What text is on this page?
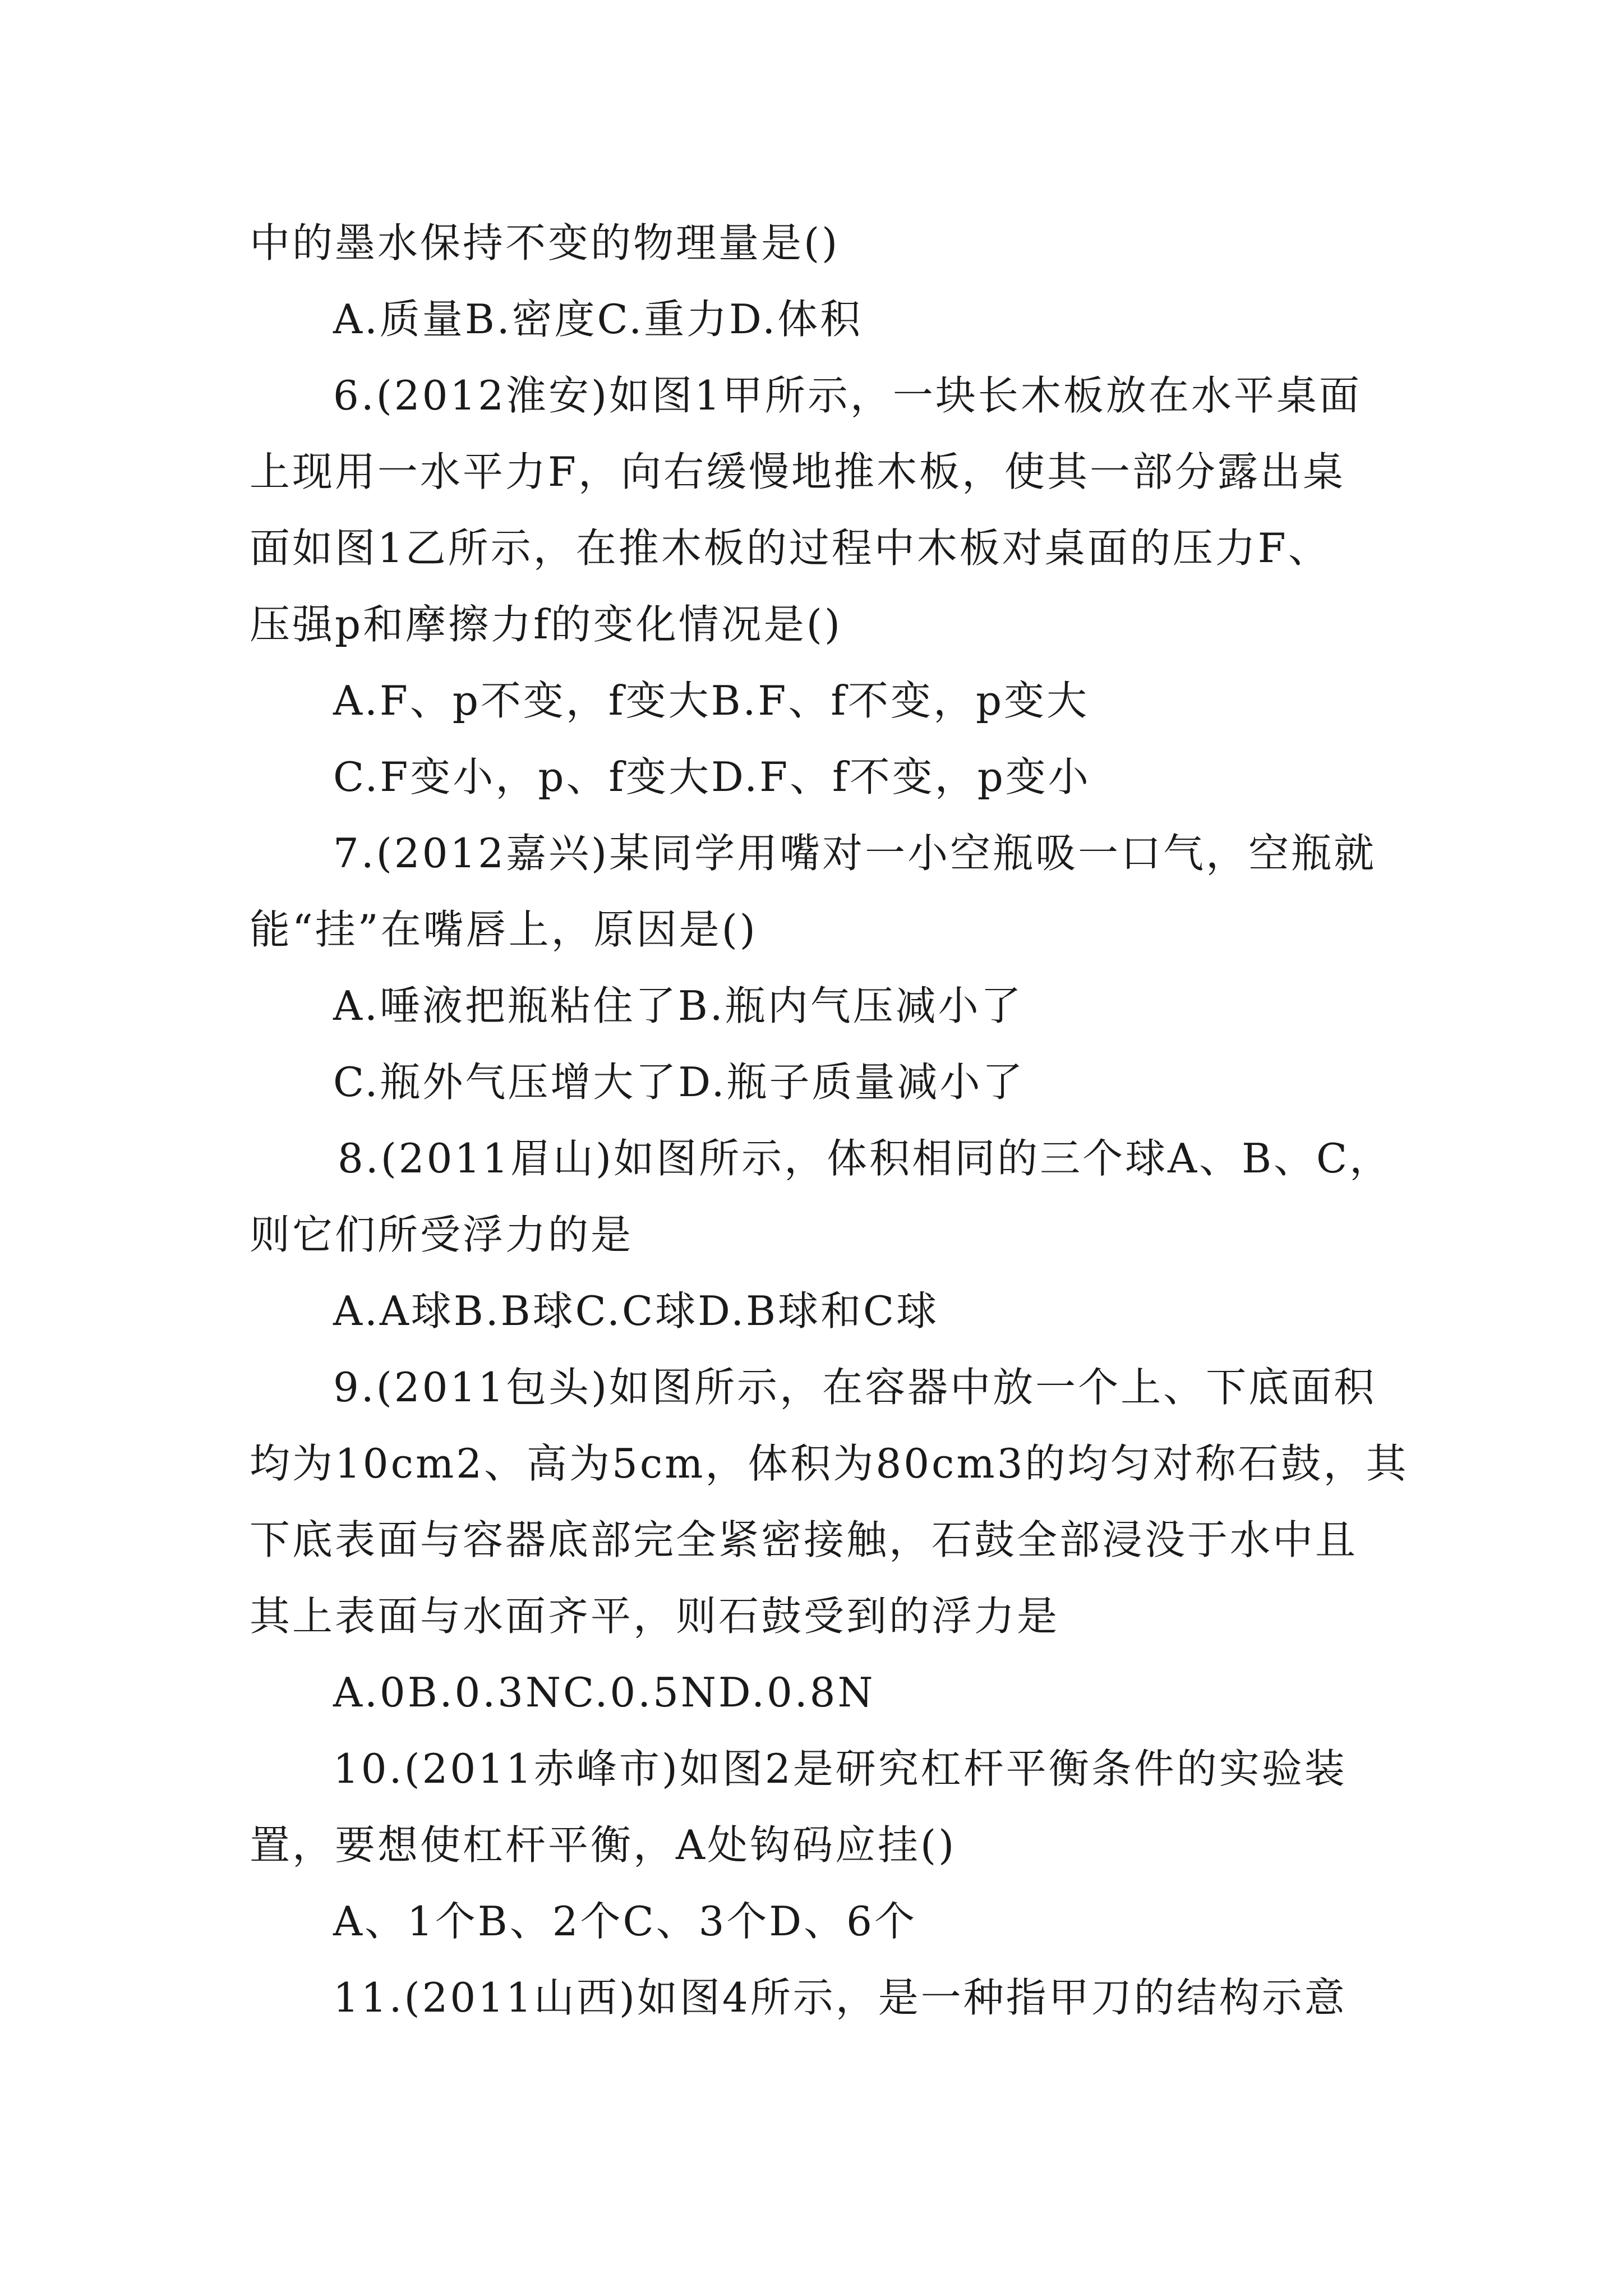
中的墨水保持不变的物理量是()
A.质量B.密度C.重力D.体积
6.(2012淮安)如图1甲所示，一块长木板放在水平桌面
上现用一水平力F，向右缓慢地推木板，使其一部分露出桌
面如图1乙所示，在推木板的过程中木板对桌面的压力F、
压强p和摩擦力f的变化情况是()
A.F、p不变，f变大B.F、f不变，p变大
C.F变小，p、f变大D.F、f不变，p变小
7.(2012嘉兴)某同学用嘴对一小空瓶吸一口气，空瓶就
能“挂”在嘴唇上，原因是()
A.唾液把瓶粘住了B.瓶内气压减小了
C.瓶外气压增大了D.瓶子质量减小了
8.(2011眉山)如图所示，体积相同的三个球A、B、C，
则它们所受浮力的是
A.A球B.B球C.C球D.B球和C球
9.(2011包头)如图所示，在容器中放一个上、下底面积
均为10cm2、高为5cm，体积为80cm3的均匀对称石鼓，其
下底表面与容器底部完全紧密接触，石鼓全部浸没于水中且
其上表面与水面齐平，则石鼓受到的浮力是
A.0B.0.3NC.0.5ND.0.8N
10.(2011赤峰市)如图2是研究杠杆平衡条件的实验装
置，要想使杠杆平衡，A处钩码应挂()
A、1个B、2个C、3个D、6个
11.(2011山西)如图4所示，是一种指甲刀的结构示意
